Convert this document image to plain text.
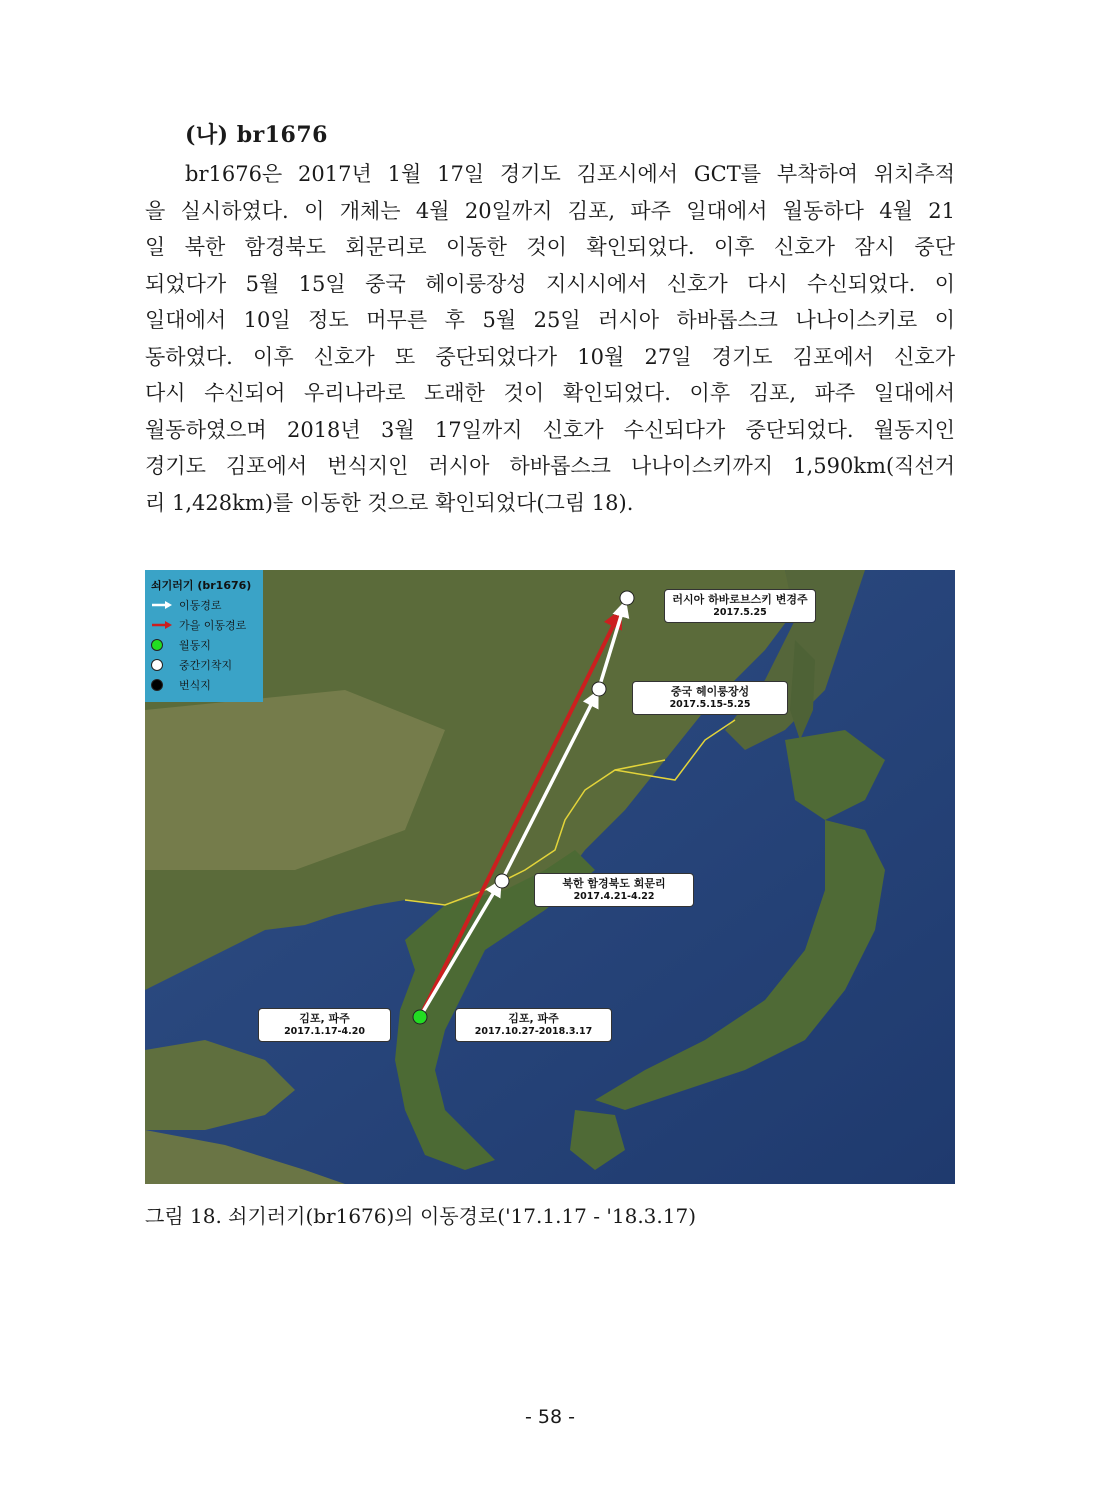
(나) br1676
br1676은 2017년 1월 17일 경기도 김포시에서 GCT를 부착하여 위치추적
을 실시하였다. 이 개체는 4월 20일까지 김포, 파주 일대에서 월동하다 4월 21
일 북한 함경북도 회문리로 이동한 것이 확인되었다. 이후 신호가 잠시 중단
되었다가 5월 15일 중국 헤이룽장성 지시시에서 신호가 다시 수신되었다. 이
일대에서 10일 정도 머무른 후 5월 25일 러시아 하바롭스크 나나이스키로 이
동하였다. 이후 신호가 또 중단되었다가 10월 27일 경기도 김포에서 신호가
다시 수신되어 우리나라로 도래한 것이 확인되었다. 이후 김포, 파주 일대에서
월동하였으며 2018년 3월 17일까지 신호가 수신되다가 중단되었다. 월동지인
경기도 김포에서 번식지인 러시아 하바롭스크 나나이스키까지 1,590km(직선거
리 1,428km)를 이동한 것으로 확인되었다(그림 18).
쇠기러기 (br1676)
이동경로
가을 이동경로
월동지
중간기착지
번식지
러시아 하바로브스키 변경주
2017.5.25
중국 헤이룽장성
2017.5.15-5.25
북한 함경북도 회문리
2017.4.21-4.22
김포, 파주
2017.1.17-4.20
김포, 파주
2017.10.27-2018.3.17
그림 18. 쇠기러기(br1676)의 이동경로('17.1.17 - '18.3.17)
- 58 -
